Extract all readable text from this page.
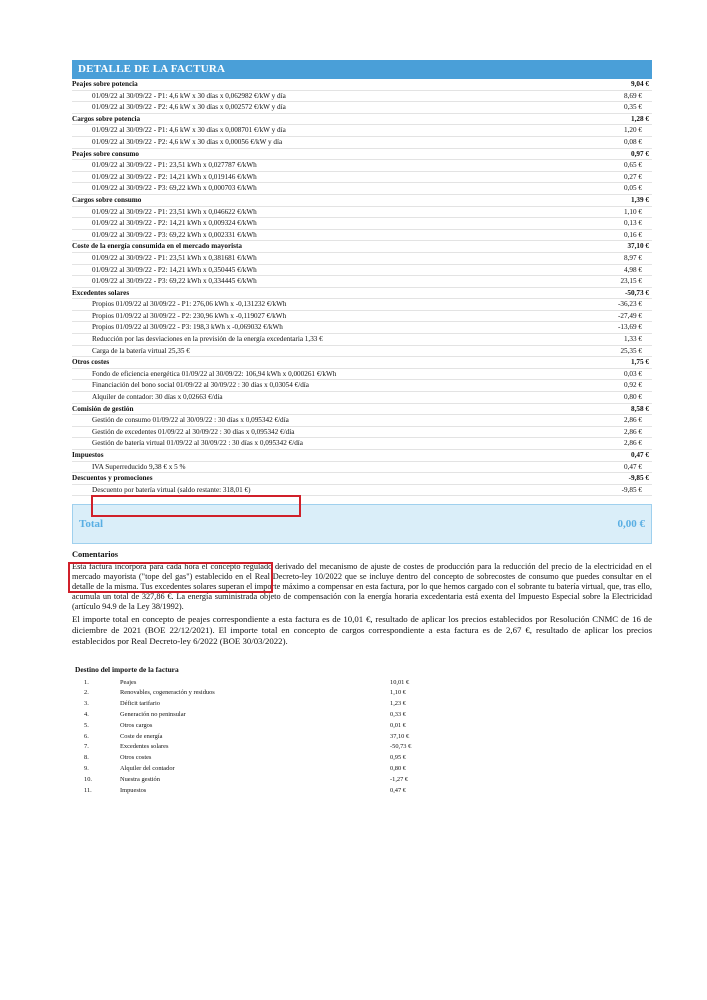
DETALLE DE LA FACTURA
Peajes sobre potencia	9,04 €
01/09/22 al 30/09/22 - P1: 4,6 kW x 30 días x 0,062982 €/kW y día	8,69 €
01/09/22 al 30/09/22 - P2: 4,6 kW x 30 días x 0,002572 €/kW y día	0,35 €
Cargos sobre potencia	1,28 €
01/09/22 al 30/09/22 - P1: 4,6 kW x 30 días x 0,008701 €/kW y día	1,20 €
01/09/22 al 30/09/22 - P2: 4,6 kW x 30 días x 0,00056 €/kW y día	0,08 €
Peajes sobre consumo	0,97 €
01/09/22 al 30/09/22 - P1: 23,51 kWh x 0,027787 €/kWh	0,65 €
01/09/22 al 30/09/22 - P2: 14,21 kWh x 0,019146 €/kWh	0,27 €
01/09/22 al 30/09/22 - P3: 69,22 kWh x 0,000703 €/kWh	0,05 €
Cargos sobre consumo	1,39 €
01/09/22 al 30/09/22 - P1: 23,51 kWh x 0,046622 €/kWh	1,10 €
01/09/22 al 30/09/22 - P2: 14,21 kWh x 0,009324 €/kWh	0,13 €
01/09/22 al 30/09/22 - P3: 69,22 kWh x 0,002331 €/kWh	0,16 €
Coste de la energía consumida en el mercado mayorista	37,10 €
01/09/22 al 30/09/22 - P1: 23,51 kWh x 0,381681 €/kWh	8,97 €
01/09/22 al 30/09/22 - P2: 14,21 kWh x 0,350445 €/kWh	4,98 €
01/09/22 al 30/09/22 - P3: 69,22 kWh x 0,334445 €/kWh	23,15 €
Excedentes solares	-50,73 €
Propios 01/09/22 al 30/09/22 - P1: 276,06 kWh x -0,131232 €/kWh	-36,23 €
Propios 01/09/22 al 30/09/22 - P2: 230,96 kWh x -0,119027 €/kWh	-27,49 €
Propios 01/09/22 al 30/09/22 - P3: 198,3 kWh x -0,069032 €/kWh	-13,69 €
Reducción por las desviaciones en la previsión de la energía excedentaria 1,33 €	1,33 €
Carga de la batería virtual 25,35 €	25,35 €
Otros costes	1,75 €
Fondo de eficiencia energética 01/09/22 al 30/09/22: 106,94 kWh x 0,000261 €/kWh	0,03 €
Financiación del bono social 01/09/22 al 30/09/22 : 30 días x 0,03054 €/día	0,92 €
Alquiler de contador: 30 días x 0,02663 €/día	0,80 €
Comisión de gestión	8,58 €
Gestión de consumo 01/09/22 al 30/09/22 : 30 días x 0,095342 €/día	2,86 €
Gestión de excedentes 01/09/22 al 30/09/22 : 30 días x 0,095342 €/día	2,86 €
Gestión de batería virtual 01/09/22 al 30/09/22 : 30 días x 0,095342 €/día	2,86 €
Impuestos	0,47 €
IVA Superreducido 9,38 € x 5 %	0,47 €
Descuentos y promociones	-9,85 €
Descuento por batería virtual (saldo restante: 318,01 €)	-9,85 €
Total	0,00 €
Comentarios

Esta factura incorpora para cada hora el concepto regulado derivado del mecanismo de ajuste de costes de producción para la reducción del precio de la electricidad en el mercado mayorista ("tope del gas") establecido en el Real Decreto-ley 10/2022 que se incluye dentro del concepto de sobrecostes de consumo que puedes consultar en el detalle de la misma. Tus excedentes solares superan el importe máximo a compensar en esta factura, por lo que hemos cargado con el sobrante tu batería virtual, que, tras ello, acumula un total de 327,86 €. La energía suministrada objeto de compensación con la energía horaria excedentaria está exenta del Impuesto Especial sobre la Electricidad (artículo 94.9 de la Ley 38/1992).

El importe total en concepto de peajes correspondiente a esta factura es de 10,01 €, resultado de aplicar los precios establecidos por Resolución CNMC de 16 de diciembre de 2021 (BOE 22/12/2021). El importe total en concepto de cargos correspondiente a esta factura es de 2,67 €, resultado de aplicar los precios establecidos por Real Decreto-ley 6/2022 (BOE 30/03/2022).

Destino del importe de la factura
1.	Peajes	10,01 €
2.	Renovables, cogeneración y residuos	1,10 €
3.	Déficit tarifario	1,23 €
4.	Generación no peninsular	0,33 €
5.	Otros cargos	0,01 €
6.	Coste de energía	37,10 €
7.	Excedentes solares	-50,73 €
8.	Otros costes	0,95 €
9.	Alquiler del contador	0,80 €
10.	Nuestra gestión	-1,27 €
11.	Impuestos	0,47 €
